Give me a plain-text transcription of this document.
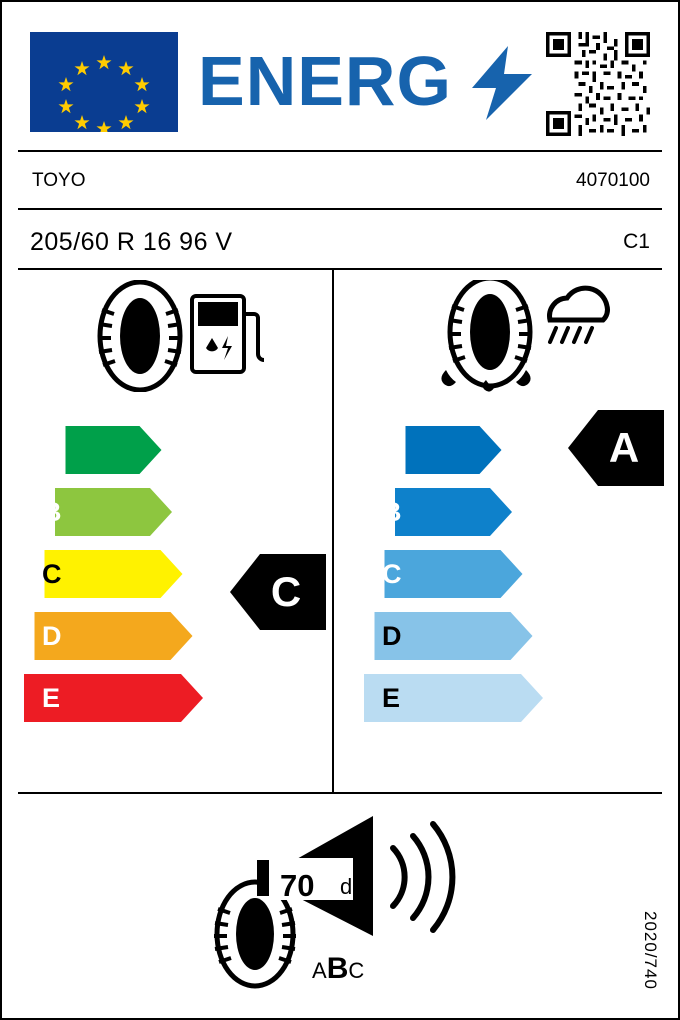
ENERG
TOYO	4070100
205/60 R 16 96 V	C1
A
B
C
D
E
C
A
B
C
D
E
A
70 dB
ABC	2020/740
